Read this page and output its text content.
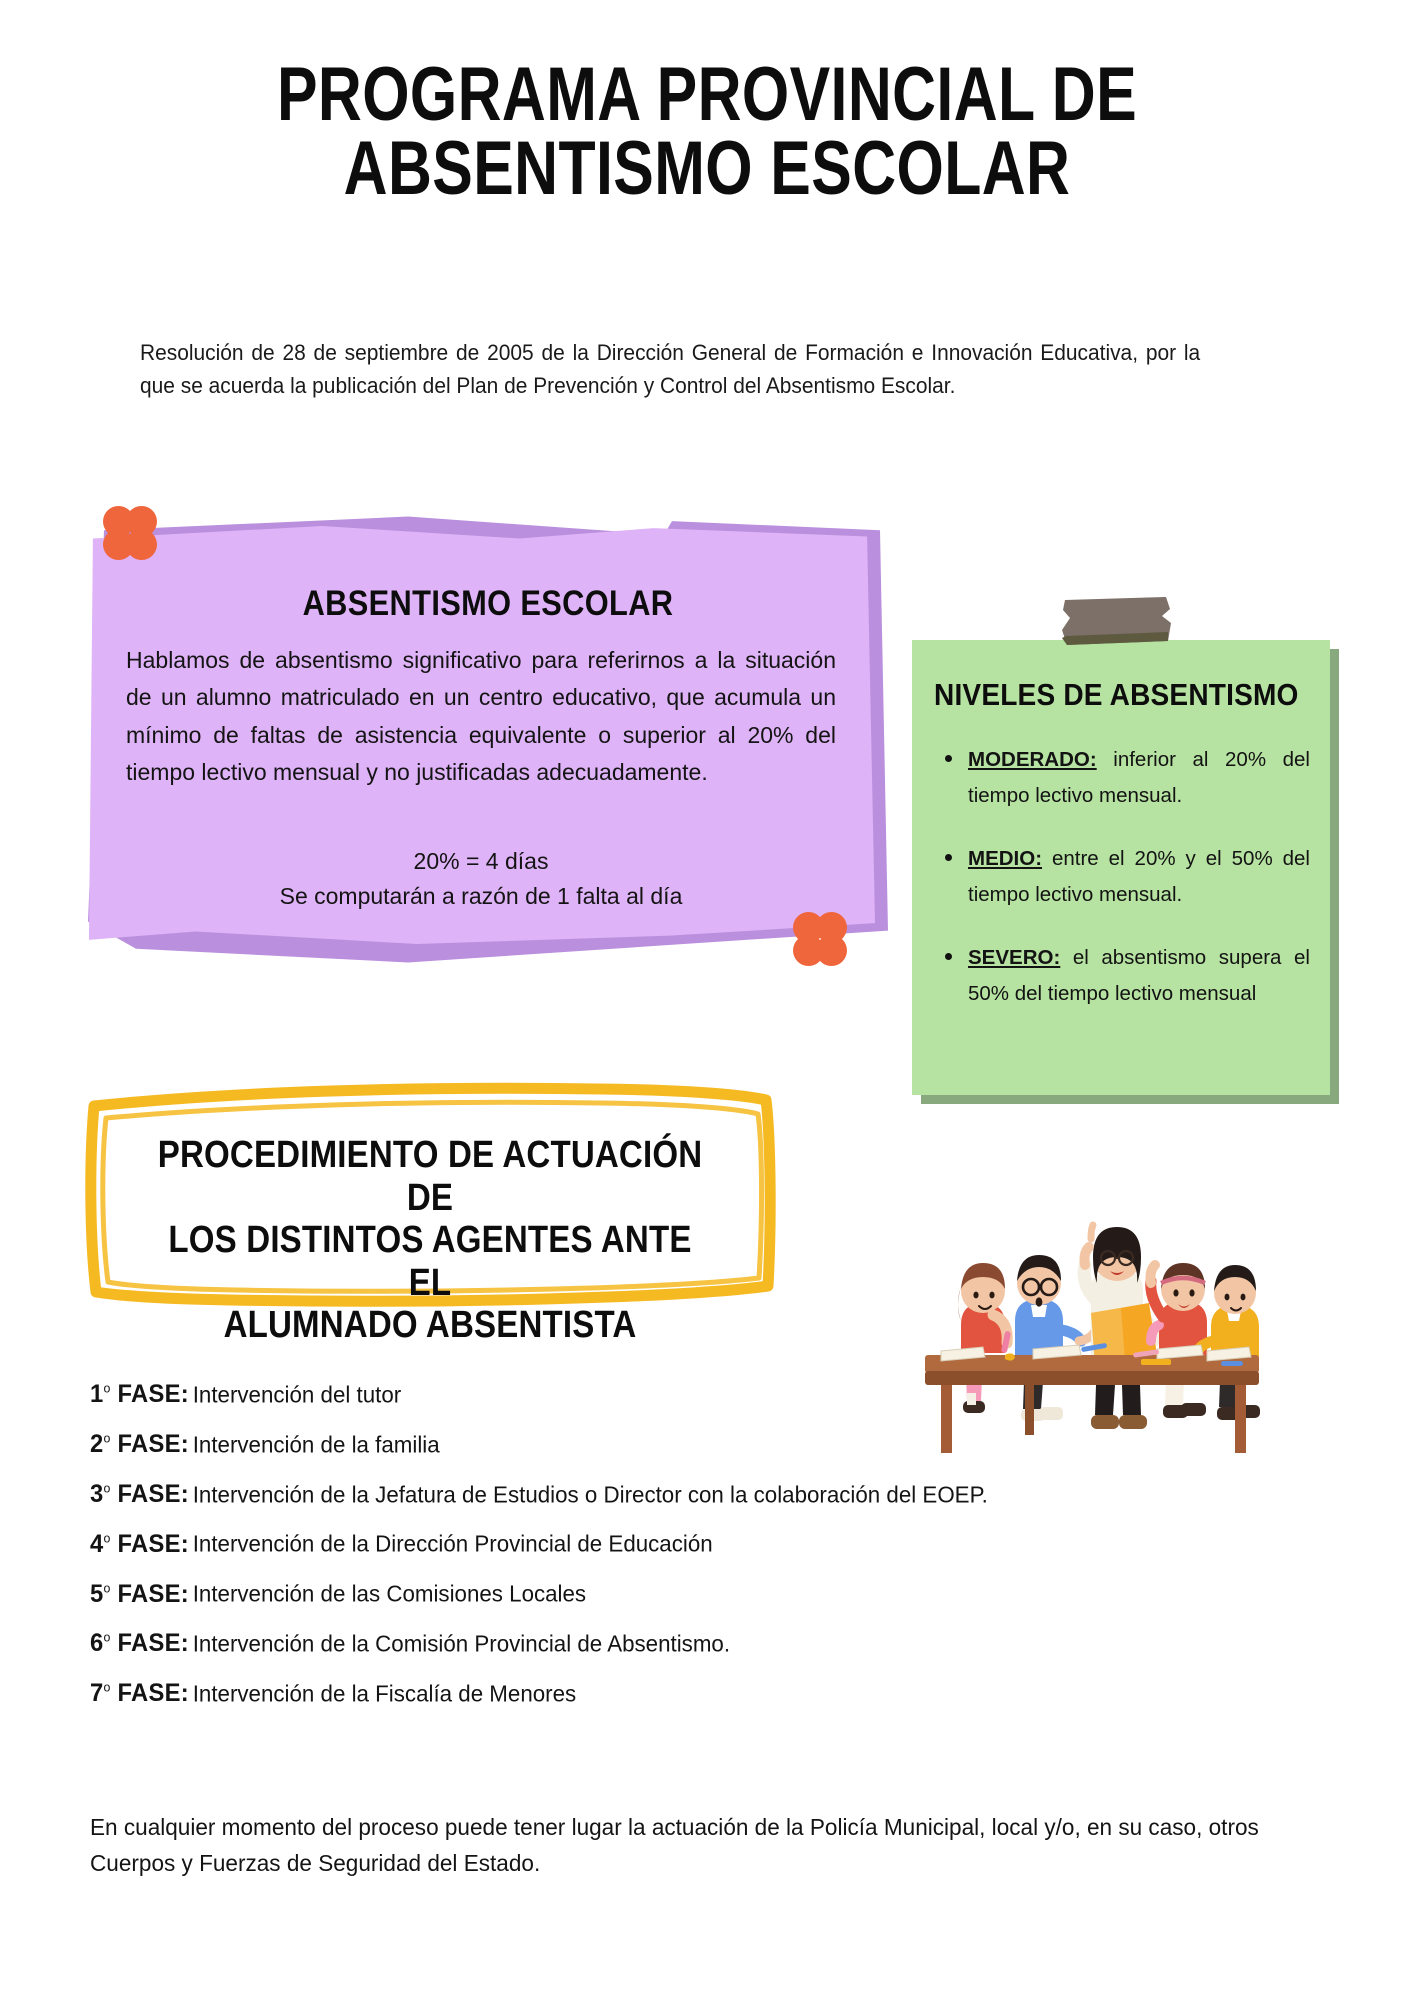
PROGRAMA PROVINCIAL DE
ABSENTISMO ESCOLAR

Resolución de 28 de septiembre de 2005 de la Dirección General de Formación e Innovación Educativa, por la que se acuerda la publicación del Plan de Prevención y Control del Absentismo Escolar.

ABSENTISMO ESCOLAR

Hablamos de absentismo significativo para referirnos a la situación de un alumno matriculado en un centro educativo, que acumula un mínimo de faltas de asistencia equivalente o superior al 20% del tiempo lectivo mensual y no justificadas adecuadamente.

20% = 4 días
Se computarán a razón de 1 falta al día
NIVELES DE ABSENTISMO
MODERADO: inferior al 20% del tiempo lectivo mensual.
MEDIO: entre el 20% y el 50% del tiempo lectivo mensual.
SEVERO: el absentismo supera el 50% del tiempo lectivo mensual
PROCEDIMIENTO DE ACTUACIÓN DE
LOS DISTINTOS AGENTES ANTE EL
ALUMNADO ABSENTISTA
1$^o$ FASE: Intervención del tutor
2$^o$ FASE: Intervención de la familia
3$^o$ FASE: Intervención de la Jefatura de Estudios o Director con la colaboración del EOEP.
4$^o$ FASE: Intervención de la Dirección Provincial de Educación
5$^o$ FASE: Intervención de las Comisiones Locales
6$^o$ FASE: Intervención de la Comisión Provincial de Absentismo.
7$^o$ FASE: Intervención de la Fiscalía de Menores

En cualquier momento del proceso puede tener lugar la actuación de la Policía Municipal, local y/o, en su caso, otros Cuerpos y Fuerzas de Seguridad del Estado.
